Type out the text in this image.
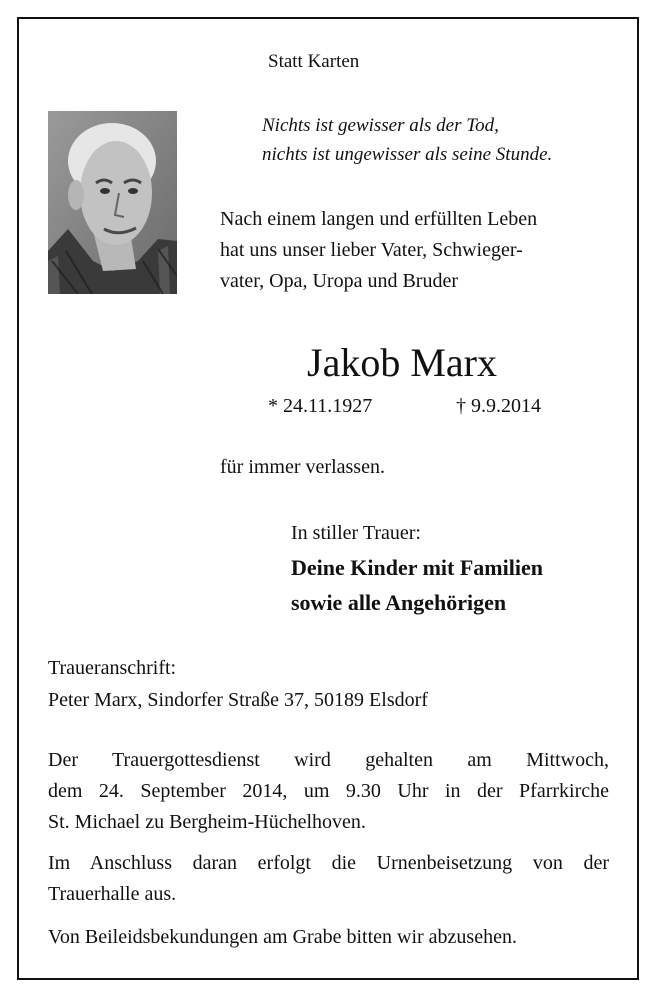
Statt Karten
Nichts ist gewisser als der Tod,
nichts ist ungewisser als seine Stunde.
Nach einem langen und erfüllten Leben
hat uns unser lieber Vater, Schwieger-
vater, Opa, Uropa und Bruder
Jakob Marx
* 24.11.1927	† 9.9.2014
für immer verlassen.
In stiller Trauer:
Deine Kinder mit Familien
sowie alle Angehörigen
Traueranschrift:
Peter Marx, Sindorfer Straße 37, 50189 Elsdorf
Der Trauergottesdienst wird gehalten am Mittwoch,
dem 24. September 2014, um 9.30 Uhr in der Pfarrkirche
St. Michael zu Bergheim-Hüchelhoven.
Im Anschluss daran erfolgt die Urnenbeisetzung von der
Trauerhalle aus.
Von Beileidsbekundungen am Grabe bitten wir abzusehen.
